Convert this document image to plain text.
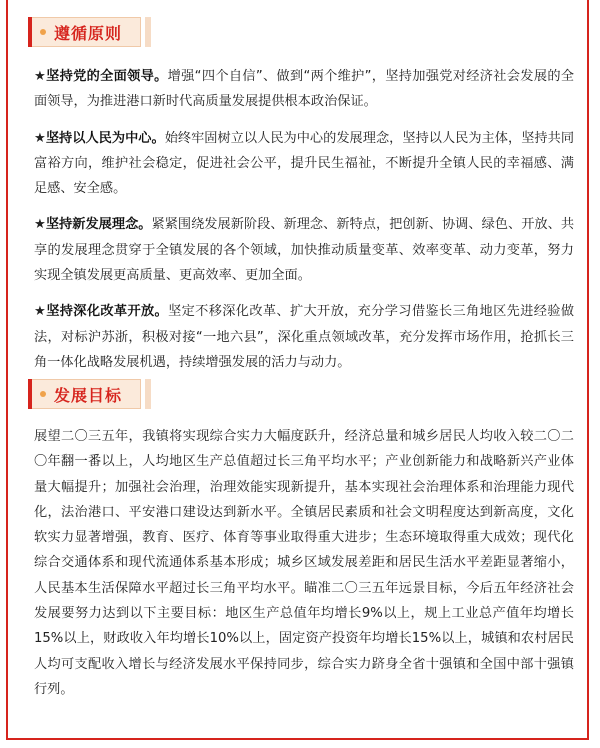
遵循原则

★坚持党的全面领导。增强“四个自信”、做到“两个维护”，坚持加强党对经济社会发展的全面领导，为推进港口新时代高质量发展提供根本政治保证。

★坚持以人民为中心。始终牢固树立以人民为中心的发展理念，坚持以人民为主体，坚持共同富裕方向，维护社会稳定，促进社会公平，提升民生福祉，不断提升全镇人民的幸福感、满足感、安全感。

★坚持新发展理念。紧紧围绕发展新阶段、新理念、新特点，把创新、协调、绿色、开放、共享的发展理念贯穿于全镇发展的各个领域，加快推动质量变革、效率变革、动力变革，努力实现全镇发展更高质量、更高效率、更加全面。

★坚持深化改革开放。坚定不移深化改革、扩大开放，充分学习借鉴长三角地区先进经验做法，对标沪苏浙，积极对接“一地六县”，深化重点领域改革，充分发挥市场作用，抢抓长三角一体化战略发展机遇，持续增强发展的活力与动力。

发展目标

展望二〇三五年，我镇将实现综合实力大幅度跃升，经济总量和城乡居民人均收入较二〇二〇年翻一番以上，人均地区生产总值超过长三角平均水平；产业创新能力和战略新兴产业体量大幅提升；加强社会治理，治理效能实现新提升，基本实现社会治理体系和治理能力现代化，法治港口、平安港口建设达到新水平。全镇居民素质和社会文明程度达到新高度，文化软实力显著增强，教育、医疗、体育等事业取得重大进步；生态环境取得重大成效；现代化综合交通体系和现代流通体系基本形成；城乡区域发展差距和居民生活水平差距显著缩小，人民基本生活保障水平超过长三角平均水平。瞄准二〇三五年远景目标，今后五年经济社会发展要努力达到以下主要目标：地区生产总值年均增长9%以上，规上工业总产值年均增长15%以上，财政收入年均增长10%以上，固定资产投资年均增长15%以上，城镇和农村居民人均可支配收入增长与经济发展水平保持同步，综合实力跻身全省十强镇和全国中部十强镇行列。
